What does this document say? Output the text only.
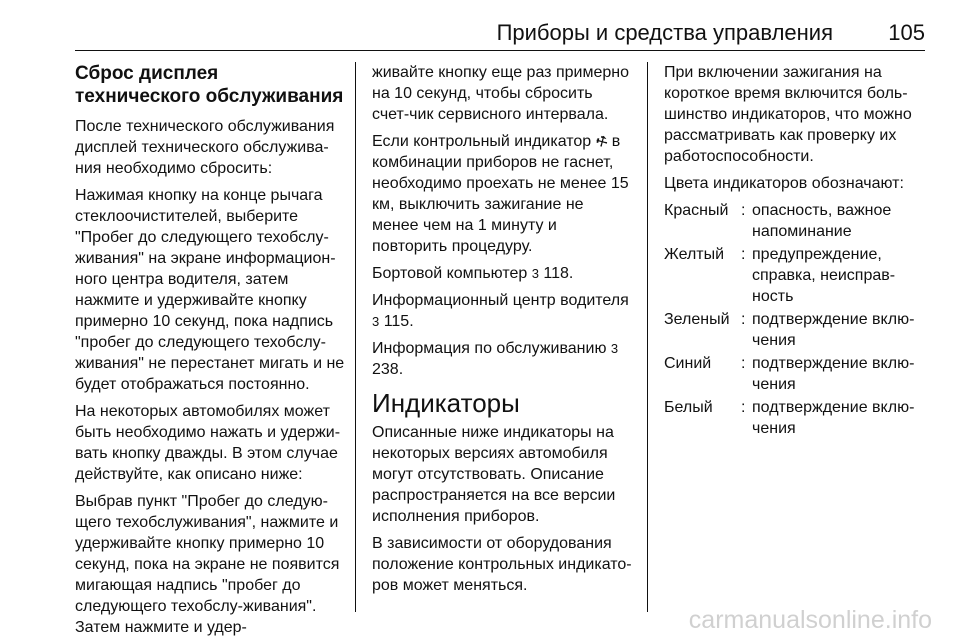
Приборы и средства управления	105
Сброс дисплея технического обслуживания

После технического обслуживания дисплей технического обслужива-ния необходимо сбросить:

Нажимая кнопку на конце рычага стеклоочистителей, выберите "Пробег до следующего техобслу-живания" на экране информацион-ного центра водителя, затем нажмите и удерживайте кнопку примерно 10 секунд, пока надпись "пробег до следующего техобслу-живания" не перестанет мигать и не будет отображаться постоянно.

На некоторых автомобилях может быть необходимо нажать и удержи-вать кнопку дважды. В этом случае действуйте, как описано ниже:

Выбрав пункт "Пробег до следую-щего техобслуживания", нажмите и удерживайте кнопку примерно 10 секунд, пока на экране не появится мигающая надпись "пробег до следующего техобслу-живания". Затем нажмите и удер-

живайте кнопку еще раз примерно на 10 секунд, чтобы сбросить счет-чик сервисного интервала.

Если контрольный индикатор ⚒ в комбинации приборов не гаснет, необходимо проехать не менее 15 км, выключить зажигание не менее чем на 1 минуту и повторить процедуру.

Бортовой компьютер 3 118.

Информационный центр водителя 3 115.

Информация по обслуживанию 3 238.

Индикаторы

Описанные ниже индикаторы на некоторых версиях автомобиля могут отсутствовать. Описание распространяется на все версии исполнения приборов.

В зависимости от оборудования положение контрольных индикато-ров может меняться.

При включении зажигания на короткое время включится боль-шинство индикаторов, что можно рассматривать как проверку их работоспособности.

Цвета индикаторов обозначают:

Красный : опасность, важное напоминание
Желтый	: предупреждение, справка, неисправ-ность
Зеленый : подтверждение вклю-чения
Синий	: подтверждение вклю-чения
Белый	: подтверждение вклю-чения
carmanualsonline.info
